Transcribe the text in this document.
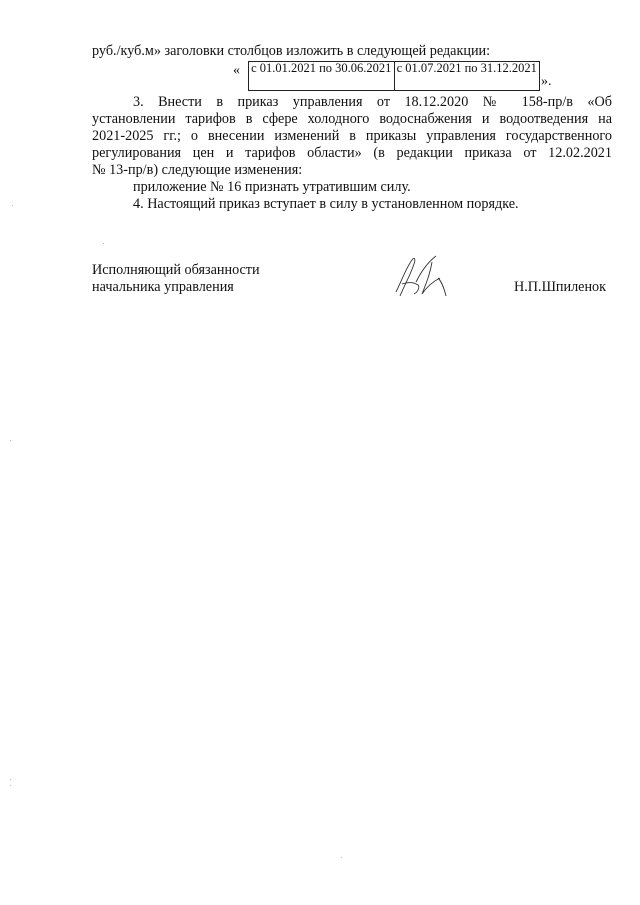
руб./куб.м» заголовки столбцов изложить в следующей редакции:
« с 01.01.2021 по 30.06.2021 с 01.07.2021 по 31.12.2021
».
3. Внести в приказ управления от 18.12.2020 № 158-пр/в «Об
установлении тарифов в сфере холодного водоснабжения и водоотведения на
2021-2025 гг.; о внесении изменений в приказы управления государственного
регулирования цен и тарифов области» (в редакции приказа от 12.02.2021
№ 13-пр/в) следующие изменения:
приложение № 16 признать утратившим силу.
4. Настоящий приказ вступает в силу в установленном порядке.
Исполняющий обязанности
начальника управления	Н.П.Шпиленок
